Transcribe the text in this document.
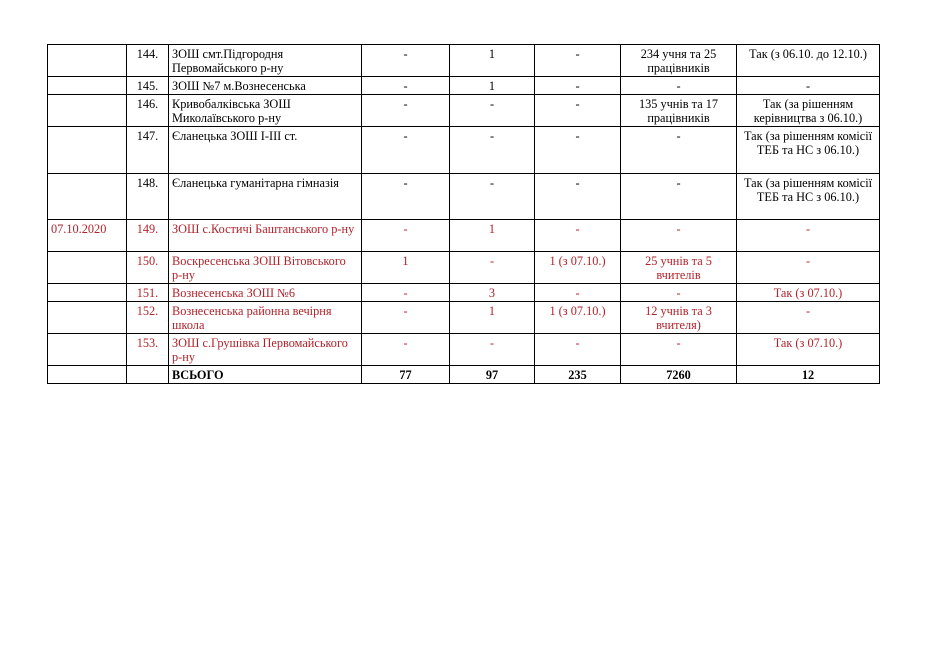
	144.	ЗОШ смт.Підгородня Первомайського р-ну	-	1	-	234 учня та 25 працівників	Так (з 06.10. до 12.10.)
	145.	ЗОШ №7 м.Вознесенська	-	1	-	-	-
	146.	Кривобалківська ЗОШ Миколаївського р-ну	-	-	-	135 учнів та 17 працівників	Так (за рішенням керівництва з 06.10.)
	147.	Єланецька ЗОШ І-ІІІ ст.	-	-	-	-	Так (за рішенням комісії ТЕБ та НС з 06.10.)
	148.	Єланецька гуманітарна гімназія	-	-	-	-	Так (за рішенням комісії ТЕБ та НС з 06.10.)
07.10.2020	149.	ЗОШ с.Костичі Баштанського р-ну	-	1	-	-	-
	150.	Воскресенська ЗОШ Вітовського р-ну	1	-	1 (з 07.10.)	25 учнів та 5 вчителів	-
	151.	Вознесенська ЗОШ №6	-	3	-	-	Так (з 07.10.)
	152.	Вознесенська районна вечірня школа	-	1	1 (з 07.10.)	12 учнів та 3 вчителя)	-
	153.	ЗОШ с.Грушівка Первомайського р-ну	-	-	-	-	Так (з 07.10.)
		ВСЬОГО	77	97	235	7260	12
